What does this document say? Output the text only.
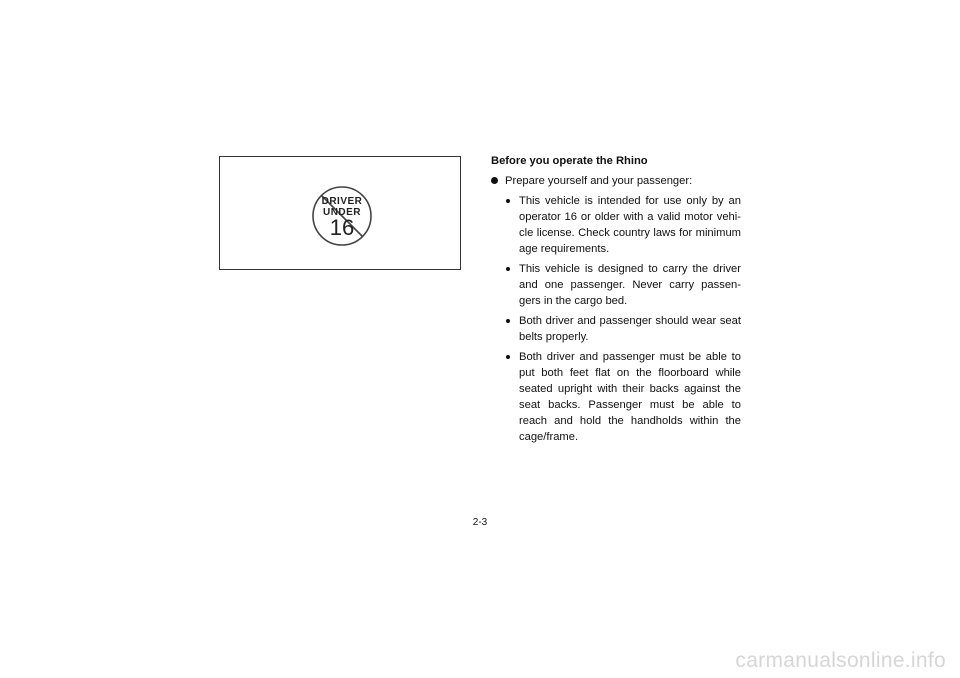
DRIVER
UNDER
16
Before you operate the Rhino
Prepare yourself and your passenger:
This vehicle is intended for use only by an operator 16 or older with a valid motor vehi-cle license. Check country laws for minimum age requirements.
This vehicle is designed to carry the driver and one passenger. Never carry passen-gers in the cargo bed.
Both driver and passenger should wear seat belts properly.
Both driver and passenger must be able to put both feet flat on the floorboard while seated upright with their backs against the seat backs. Passenger must be able to reach and hold the handholds within the cage/frame.
2-3
carmanualsonline.info
